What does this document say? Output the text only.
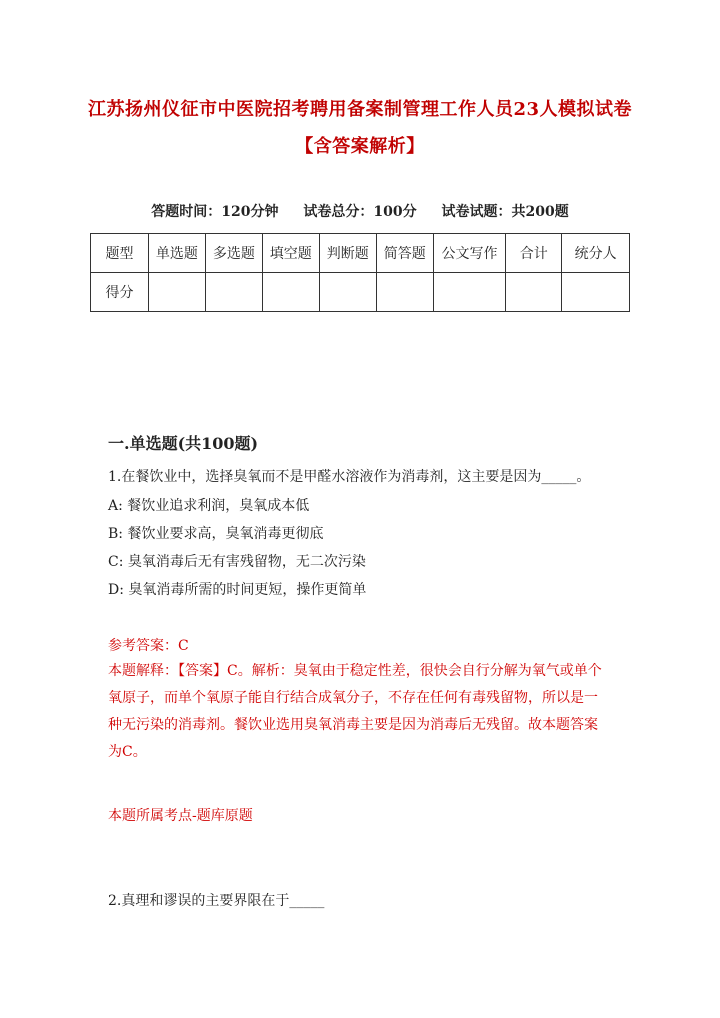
江苏扬州仪征市中医院招考聘用备案制管理工作人员23人模拟试卷
【含答案解析】
答题时间：120分钟 试卷总分：100分 试卷试题：共200题
题型	单选题	多选题	填空题	判断题	简答题	公文写作	合计	统分人
得分								
一.单选题(共100题)
1.在餐饮业中，选择臭氧而不是甲醛水溶液作为消毒剂，这主要是因为_____。
A: 餐饮业追求利润，臭氧成本低
B: 餐饮业要求高，臭氧消毒更彻底
C: 臭氧消毒后无有害残留物，无二次污染
D: 臭氧消毒所需的时间更短，操作更简单
参考答案：C
本题解释：【答案】C。解析：臭氧由于稳定性差，很快会自行分解为氧气或单个氧原子，而单个氧原子能自行结合成氧分子，不存在任何有毒残留物，所以是一种无污染的消毒剂。餐饮业选用臭氧消毒主要是因为消毒后无残留。故本题答案为C。
本题所属考点-题库原题
2.真理和谬误的主要界限在于_____
